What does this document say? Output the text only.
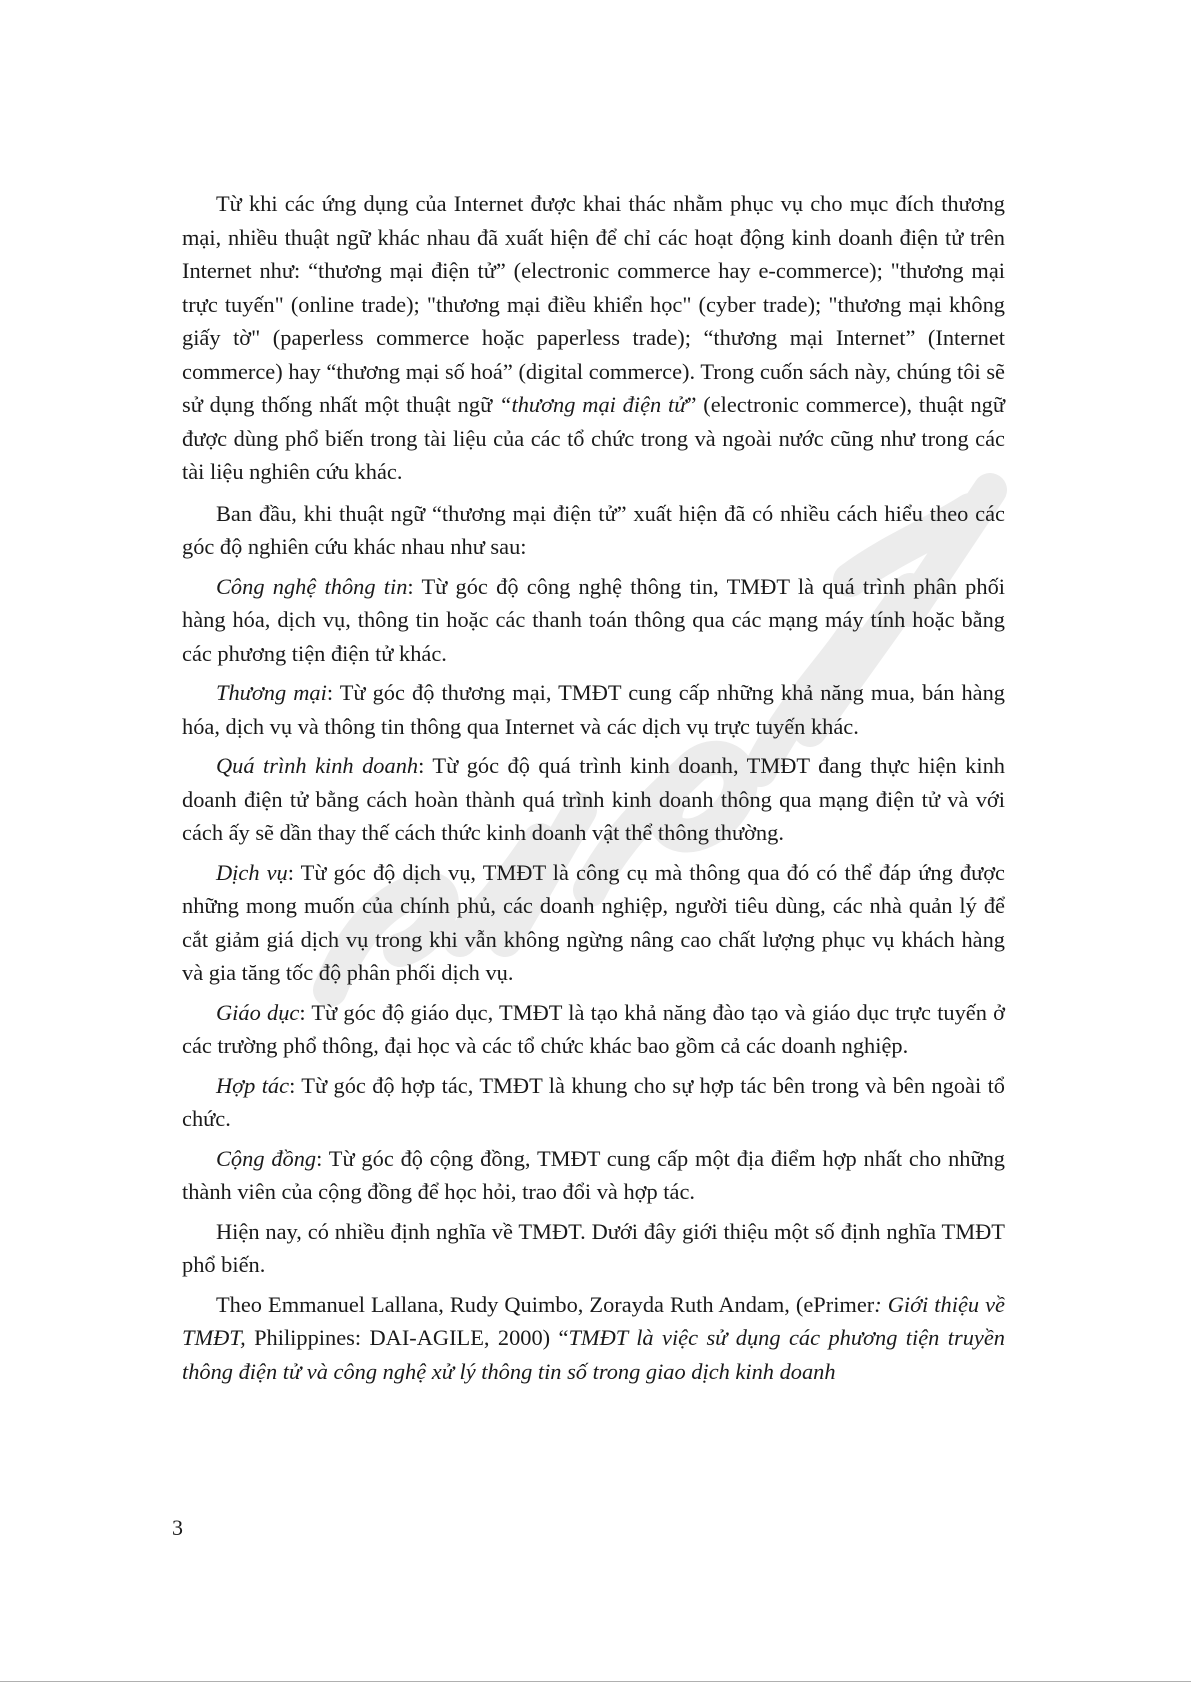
Từ khi các ứng dụng của Internet được khai thác nhằm phục vụ cho mục đích thương mại, nhiều thuật ngữ khác nhau đã xuất hiện để chỉ các hoạt động kinh doanh điện tử trên Internet như: “thương mại điện tử” (electronic commerce hay e-commerce); "thương mại trực tuyến" (online trade); "thương mại điều khiển học" (cyber trade); "thương mại không giấy tờ" (paperless commerce hoặc paperless trade); “thương mại Internet” (Internet commerce) hay “thương mại số hoá” (digital commerce). Trong cuốn sách này, chúng tôi sẽ sử dụng thống nhất một thuật ngữ “thương mại điện tử” (electronic commerce), thuật ngữ được dùng phổ biến trong tài liệu của các tổ chức trong và ngoài nước cũng như trong các tài liệu nghiên cứu khác.

Ban đầu, khi thuật ngữ “thương mại điện tử” xuất hiện đã có nhiều cách hiểu theo các góc độ nghiên cứu khác nhau như sau:

Công nghệ thông tin: Từ góc độ công nghệ thông tin, TMĐT là quá trình phân phối hàng hóa, dịch vụ, thông tin hoặc các thanh toán thông qua các mạng máy tính hoặc bằng các phương tiện điện tử khác.

Thương mại: Từ góc độ thương mại, TMĐT cung cấp những khả năng mua, bán hàng hóa, dịch vụ và thông tin thông qua Internet và các dịch vụ trực tuyến khác.

Quá trình kinh doanh: Từ góc độ quá trình kinh doanh, TMĐT đang thực hiện kinh doanh điện tử bằng cách hoàn thành quá trình kinh doanh thông qua mạng điện tử và với cách ấy sẽ dần thay thế cách thức kinh doanh vật thể thông thường.

Dịch vụ: Từ góc độ dịch vụ, TMĐT là công cụ mà thông qua đó có thể đáp ứng được những mong muốn của chính phủ, các doanh nghiệp, người tiêu dùng, các nhà quản lý để cắt giảm giá dịch vụ trong khi vẫn không ngừng nâng cao chất lượng phục vụ khách hàng và gia tăng tốc độ phân phối dịch vụ.

Giáo dục: Từ góc độ giáo dục, TMĐT là tạo khả năng đào tạo và giáo dục trực tuyến ở các trường phổ thông, đại học và các tổ chức khác bao gồm cả các doanh nghiệp.

Hợp tác: Từ góc độ hợp tác, TMĐT là khung cho sự hợp tác bên trong và bên ngoài tổ chức.

Cộng đồng: Từ góc độ cộng đồng, TMĐT cung cấp một địa điểm hợp nhất cho những thành viên của cộng đồng để học hỏi, trao đổi và hợp tác.

Hiện nay, có nhiều định nghĩa về TMĐT. Dưới đây giới thiệu một số định nghĩa TMĐT phổ biến.

Theo Emmanuel Lallana, Rudy Quimbo, Zorayda Ruth Andam, (ePrimer: Giới thiệu về TMĐT, Philippines: DAI-AGILE, 2000) “TMĐT là việc sử dụng các phương tiện truyền thông điện tử và công nghệ xử lý thông tin số trong giao dịch kinh doanh

3
